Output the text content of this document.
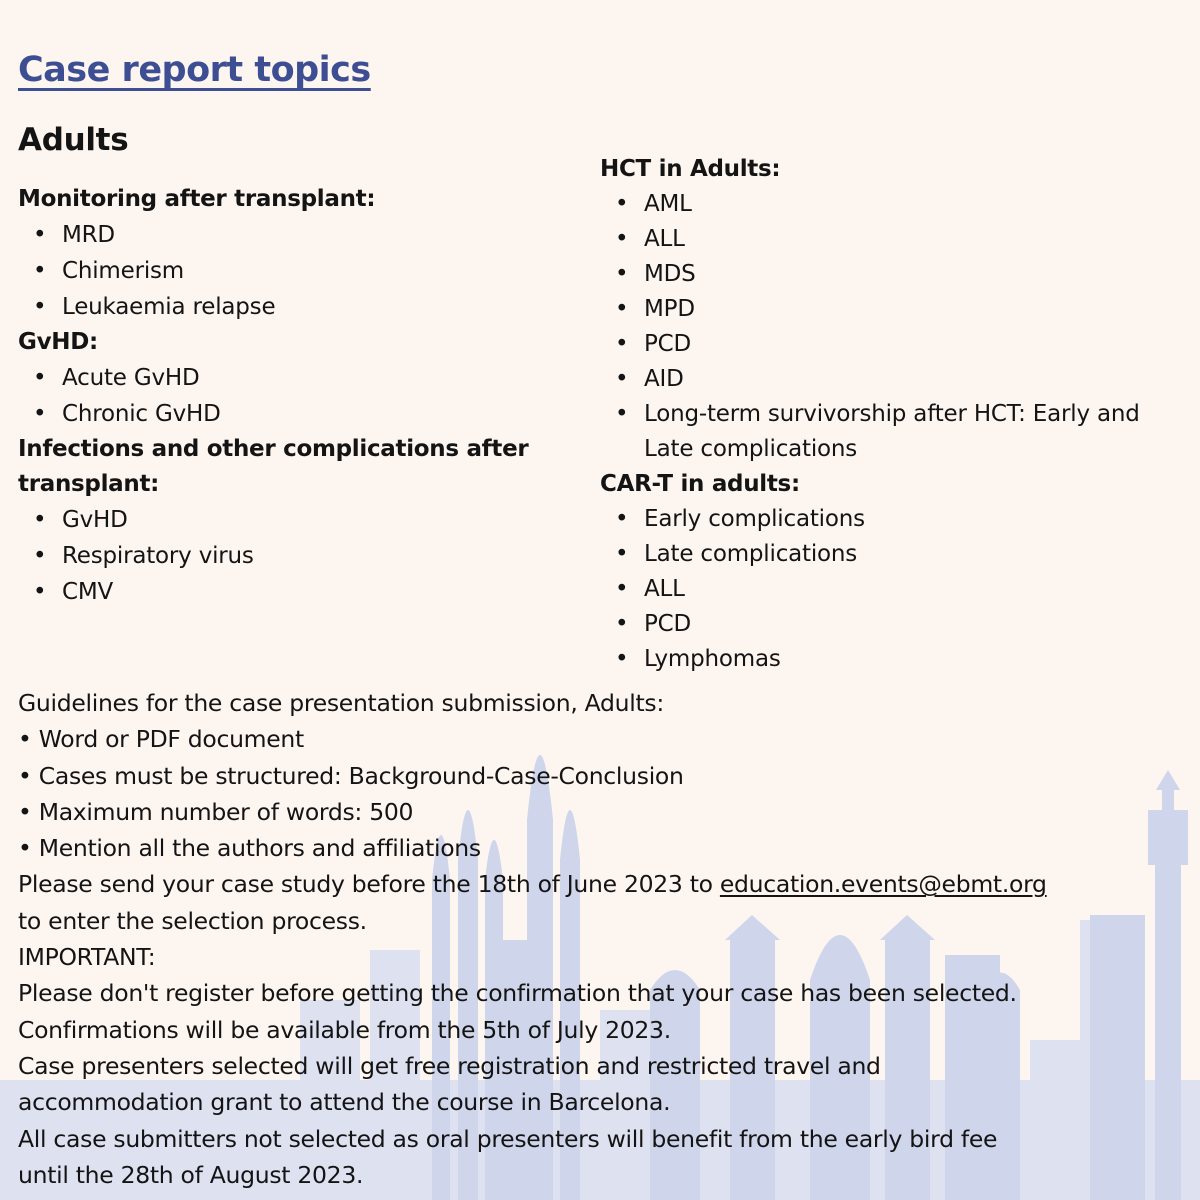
Case report topics
Adults

Monitoring after transplant:

• MRD
• Chimerism
• Leukaemia relapse

GvHD:

• Acute GvHD
• Chronic GvHD

Infections and other complications after transplant:

• GvHD
• Respiratory virus
• CMV

HCT in Adults:

• AML
• ALL
• MDS
• MPD
• PCD
• AID
• Long-term survivorship after HCT: Early and Late complications

CAR-T in adults:

• Early complications
• Late complications
• ALL
• PCD
• Lymphomas
Guidelines for the case presentation submission, Adults:
• Word or PDF document
• Cases must be structured: Background-Case-Conclusion
• Maximum number of words: 500
• Mention all the authors and affiliations
Please send your case study before the 18th of June 2023 to education.events@ebmt.org
to enter the selection process.
IMPORTANT:
Please don't register before getting the confirmation that your case has been selected.
Confirmations will be available from the 5th of July 2023.
Case presenters selected will get free registration and restricted travel and
accommodation grant to attend the course in Barcelona.
All case submitters not selected as oral presenters will benefit from the early bird fee
until the 28th of August 2023.
